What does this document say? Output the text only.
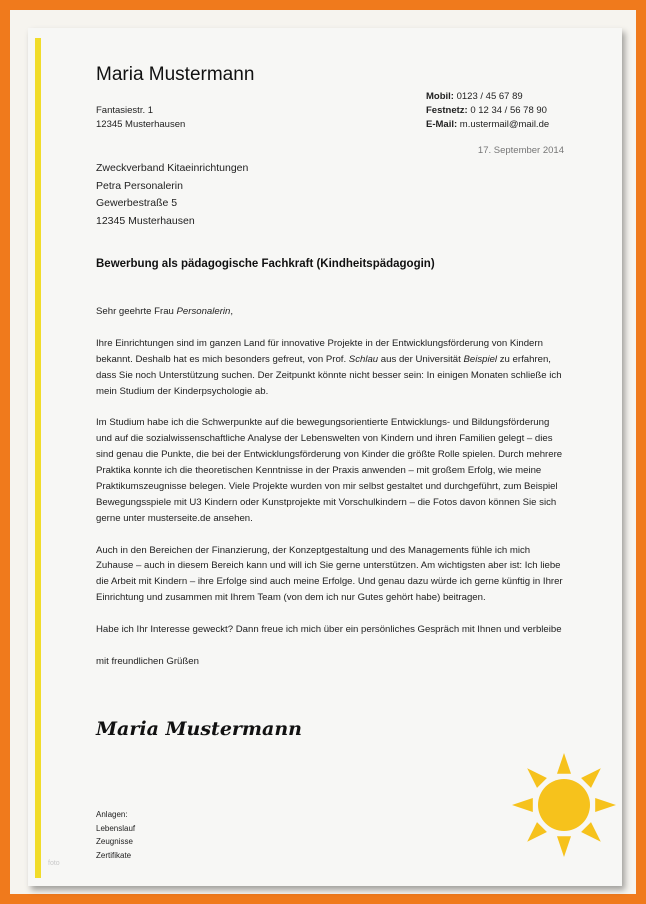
Maria Mustermann
Fantasiestr. 1
12345 Musterhausen
Mobil: 0123 / 45 67 89
Festnetz: 0 12 34 / 56 78 90
E-Mail: m.ustermail@mail.de
17. September 2014
Zweckverband Kitaeinrichtungen
Petra Personalerin
Gewerbestraße 5
12345 Musterhausen
Bewerbung als pädagogische Fachkraft (Kindheitspädagogin)

Sehr geehrte Frau Personalerin,

Ihre Einrichtungen sind im ganzen Land für innovative Projekte in der Entwicklungsförderung von Kindern bekannt. Deshalb hat es mich besonders gefreut, von Prof. Schlau aus der Universität Beispiel zu erfahren, dass Sie noch Unterstützung suchen. Der Zeitpunkt könnte nicht besser sein: In einigen Monaten schließe ich mein Studium der Kinderpsychologie ab.

Im Studium habe ich die Schwerpunkte auf die bewegungsorientierte Entwicklungs- und Bildungsförderung und auf die sozialwissenschaftliche Analyse der Lebenswelten von Kindern und ihren Familien gelegt – dies sind genau die Punkte, die bei der Entwicklungsförderung von Kinder die größte Rolle spielen. Durch mehrere Praktika konnte ich die theoretischen Kenntnisse in der Praxis anwenden – mit großem Erfolg, wie meine Praktikumszeugnisse belegen. Viele Projekte wurden von mir selbst gestaltet und durchgeführt, zum Beispiel Bewegungsspiele mit U3 Kindern oder Kunstprojekte mit Vorschulkindern – die Fotos davon können Sie sich gerne unter musterseite.de ansehen.

Auch in den Bereichen der Finanzierung, der Konzeptgestaltung und des Managements fühle ich mich Zuhause – auch in diesem Bereich kann und will ich Sie gerne unterstützen. Am wichtigsten aber ist: Ich liebe die Arbeit mit Kindern – ihre Erfolge sind auch meine Erfolge. Und genau dazu würde ich gerne künftig in Ihrer Einrichtung und zusammen mit Ihrem Team (von dem ich nur Gutes gehört habe) beitragen.

Habe ich Ihr Interesse geweckt? Dann freue ich mich über ein persönliches Gespräch mit Ihnen und verbleibe

mit freundlichen Grüßen

Maria Mustermann
Anlagen:
Lebenslauf
Zeugnisse
Zertifikate
foto
